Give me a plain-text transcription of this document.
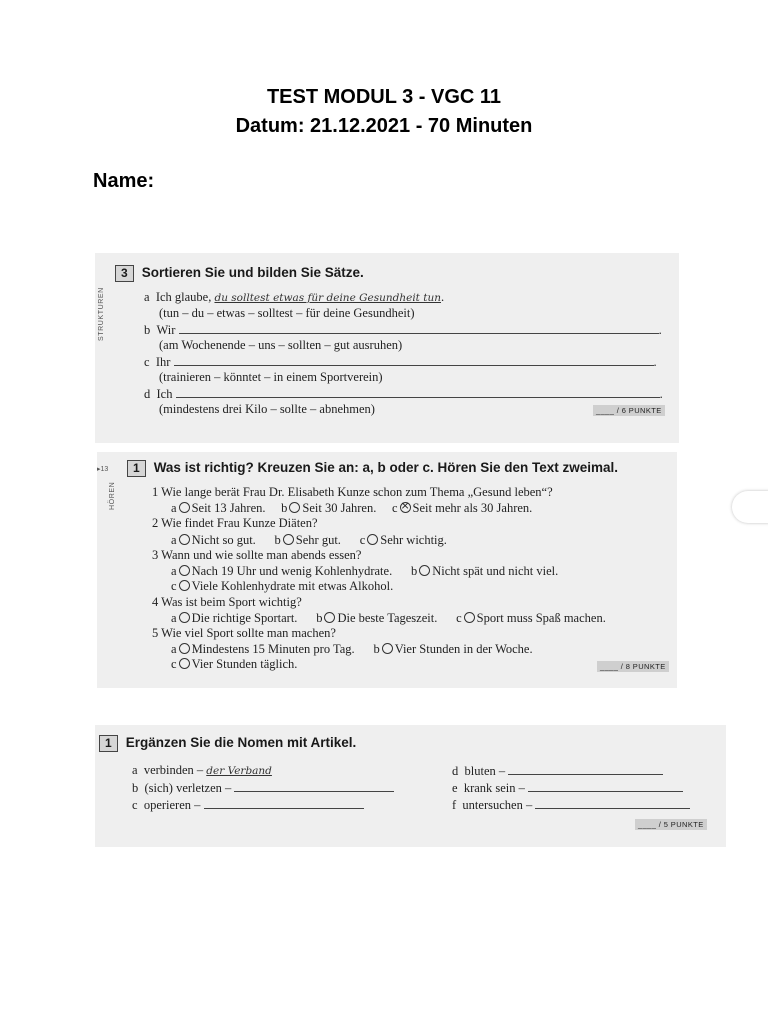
TEST MODUL 3 - VGC 11
Datum: 21.12.2021 - 70 Minuten
Name:
STRUKTUREN
3 Sortieren Sie und bilden Sie Sätze.
a Ich glaube, du solltest etwas für deine Gesundheit tun.
(tun – du – etwas – solltest – für deine Gesundheit)
b Wir	.
(am Wochenende – uns – sollten – gut ausruhen)
c Ihr	.
(trainieren – könntet – in einem Sportverein)
d Ich	.
(mindestens drei Kilo – sollte – abnehmen)	____ / 6 PUNKTE
▸13
HÖREN
1 Was ist richtig? Kreuzen Sie an: a, b oder c. Hören Sie den Text zweimal.
1 Wie lange berät Frau Dr. Elisabeth Kunze schon zum Thema „Gesund leben“?
a Seit 13 Jahren.     b Seit 30 Jahren.     c× Seit mehr als 30 Jahren.
2 Wie findet Frau Kunze Diäten?
a Nicht so gut.      b Sehr gut.      c Sehr wichtig.
3 Wann und wie sollte man abends essen?
a Nach 19 Uhr und wenig Kohlenhydrate.      b Nicht spät und nicht viel.
c Viele Kohlenhydrate mit etwas Alkohol.
4 Was ist beim Sport wichtig?
a Die richtige Sportart.      b Die beste Tageszeit.      c Sport muss Spaß machen.
5 Wie viel Sport sollte man machen?
a Mindestens 15 Minuten pro Tag.      b Vier Stunden in der Woche.
c Vier Stunden täglich.	____ / 8 PUNKTE
1 Ergänzen Sie die Nomen mit Artikel.
a verbinden – der Verband
b (sich) verletzen –
c operieren –
d bluten –
e krank sein –
f untersuchen –
____ / 5 PUNKTE
